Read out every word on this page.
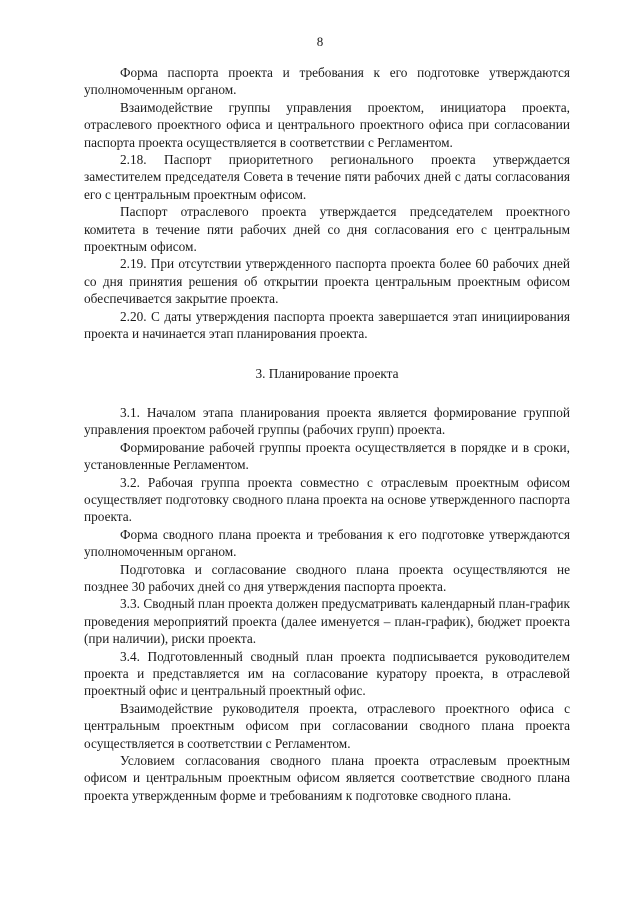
8

Форма паспорта проекта и требования к его подготовке утверждаются уполномоченным органом.

Взаимодействие группы управления проектом, инициатора проекта, отраслевого проектного офиса и центрального проектного офиса при согласовании паспорта проекта осуществляется в соответствии с Регламентом.

2.18. Паспорт приоритетного регионального проекта утверждается заместителем председателя Совета в течение пяти рабочих дней с даты согласования его с центральным проектным офисом.

Паспорт отраслевого проекта утверждается председателем проектного комитета в течение пяти рабочих дней со дня согласования его с центральным проектным офисом.

2.19. При отсутствии утвержденного паспорта проекта более 60 рабочих дней со дня принятия решения об открытии проекта центральным проектным офисом обеспечивается закрытие проекта.

2.20. С даты утверждения паспорта проекта завершается этап инициирования проекта и начинается этап планирования проекта.

3. Планирование проекта

3.1. Началом этапа планирования проекта является формирование группой управления проектом рабочей группы (рабочих групп) проекта.

Формирование рабочей группы проекта осуществляется в порядке и в сроки, установленные Регламентом.

3.2. Рабочая группа проекта совместно с отраслевым проектным офисом осуществляет подготовку сводного плана проекта на основе утвержденного паспорта проекта.

Форма сводного плана проекта и требования к его подготовке утверждаются уполномоченным органом.

Подготовка и согласование сводного плана проекта осуществляются не позднее 30 рабочих дней со дня утверждения паспорта проекта.

3.3. Сводный план проекта должен предусматривать календарный план-график проведения мероприятий проекта (далее именуется – план-график), бюджет проекта (при наличии), риски проекта.

3.4. Подготовленный сводный план проекта подписывается руководителем проекта и представляется им на согласование куратору проекта, в отраслевой проектный офис и центральный проектный офис.

Взаимодействие руководителя проекта, отраслевого проектного офиса с центральным проектным офисом при согласовании сводного плана проекта осуществляется в соответствии с Регламентом.

Условием согласования сводного плана проекта отраслевым проектным офисом и центральным проектным офисом является соответствие сводного плана проекта утвержденным форме и требованиям к подготовке сводного плана.
